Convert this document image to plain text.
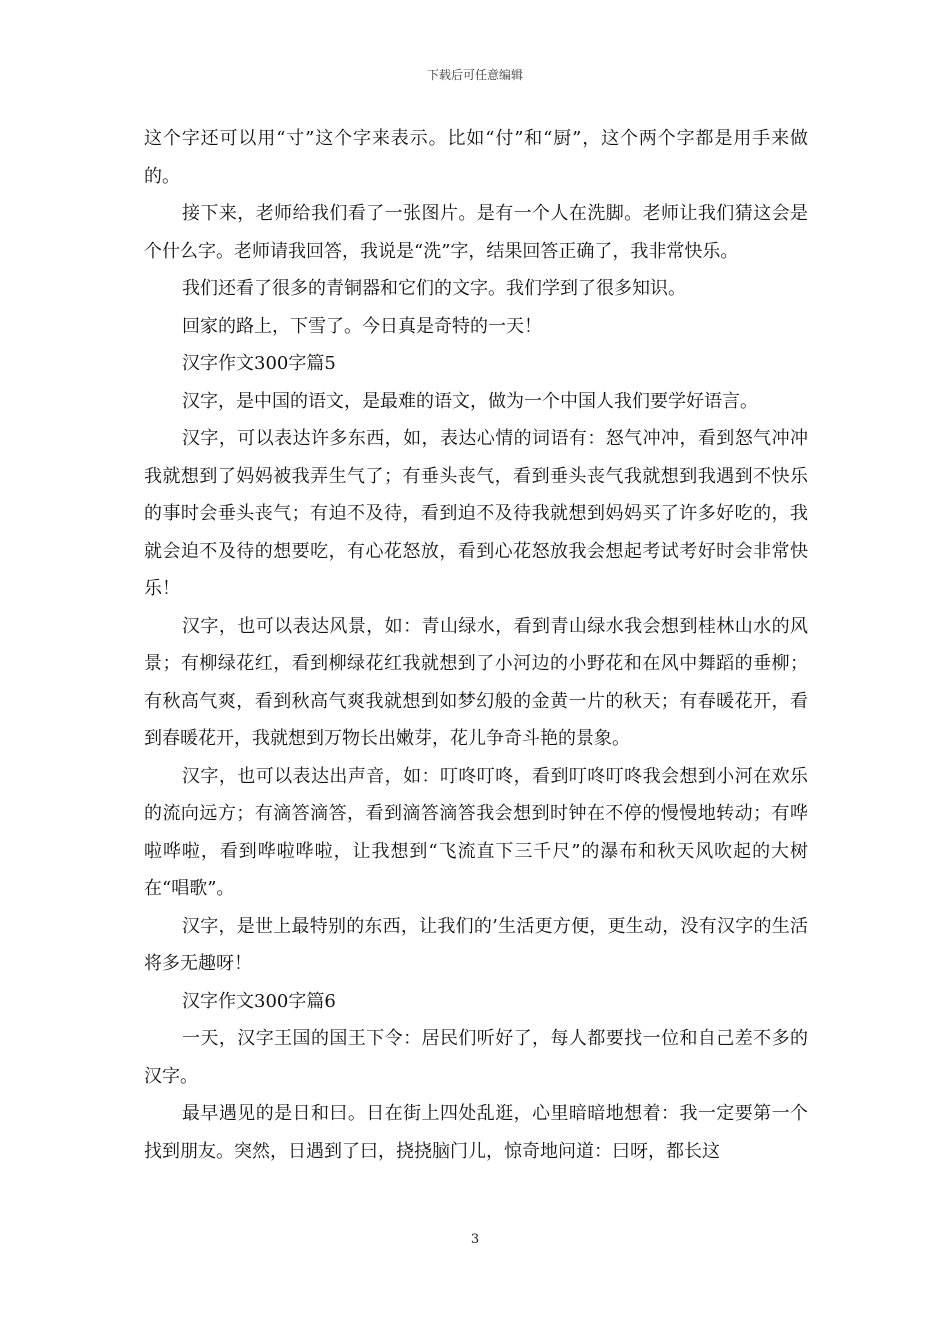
下载后可任意编辑

这个字还可以用“寸”这个字来表示。比如“付”和“厨”，这个两个字都是用手来做的。

接下来，老师给我们看了一张图片。是有一个人在洗脚。老师让我们猜这会是个什么字。老师请我回答，我说是“洗”字，结果回答正确了，我非常快乐。

我们还看了很多的青铜器和它们的文字。我们学到了很多知识。

回家的路上，下雪了。今日真是奇特的一天！

汉字作文300字篇5

汉字，是中国的语文，是最难的语文，做为一个中国人我们要学好语言。

汉字，可以表达许多东西，如，表达心情的词语有：怒气冲冲，看到怒气冲冲我就想到了妈妈被我弄生气了；有垂头丧气，看到垂头丧气我就想到我遇到不快乐的事时会垂头丧气；有迫不及待，看到迫不及待我就想到妈妈买了许多好吃的，我就会迫不及待的想要吃，有心花怒放，看到心花怒放我会想起考试考好时会非常快乐！

汉字，也可以表达风景，如：青山绿水，看到青山绿水我会想到桂林山水的风景；有柳绿花红，看到柳绿花红我就想到了小河边的小野花和在风中舞蹈的垂柳；有秋高气爽，看到秋高气爽我就想到如梦幻般的金黄一片的秋天；有春暖花开，看到春暖花开，我就想到万物长出嫩芽，花儿争奇斗艳的景象。

汉字，也可以表达出声音，如：叮咚叮咚，看到叮咚叮咚我会想到小河在欢乐的流向远方；有滴答滴答，看到滴答滴答我会想到时钟在不停的慢慢地转动；有哗啦哗啦，看到哗啦哗啦，让我想到“飞流直下三千尺”的瀑布和秋天风吹起的大树在“唱歌”。

汉字，是世上最特别的东西，让我们的’生活更方便，更生动，没有汉字的生活将多无趣呀！

汉字作文300字篇6

一天，汉字王国的国王下令：居民们听好了，每人都要找一位和自己差不多的汉字。

最早遇见的是日和曰。日在街上四处乱逛，心里暗暗地想着：我一定要第一个找到朋友。突然，日遇到了曰，挠挠脑门儿，惊奇地问道：曰呀，都长这

3
